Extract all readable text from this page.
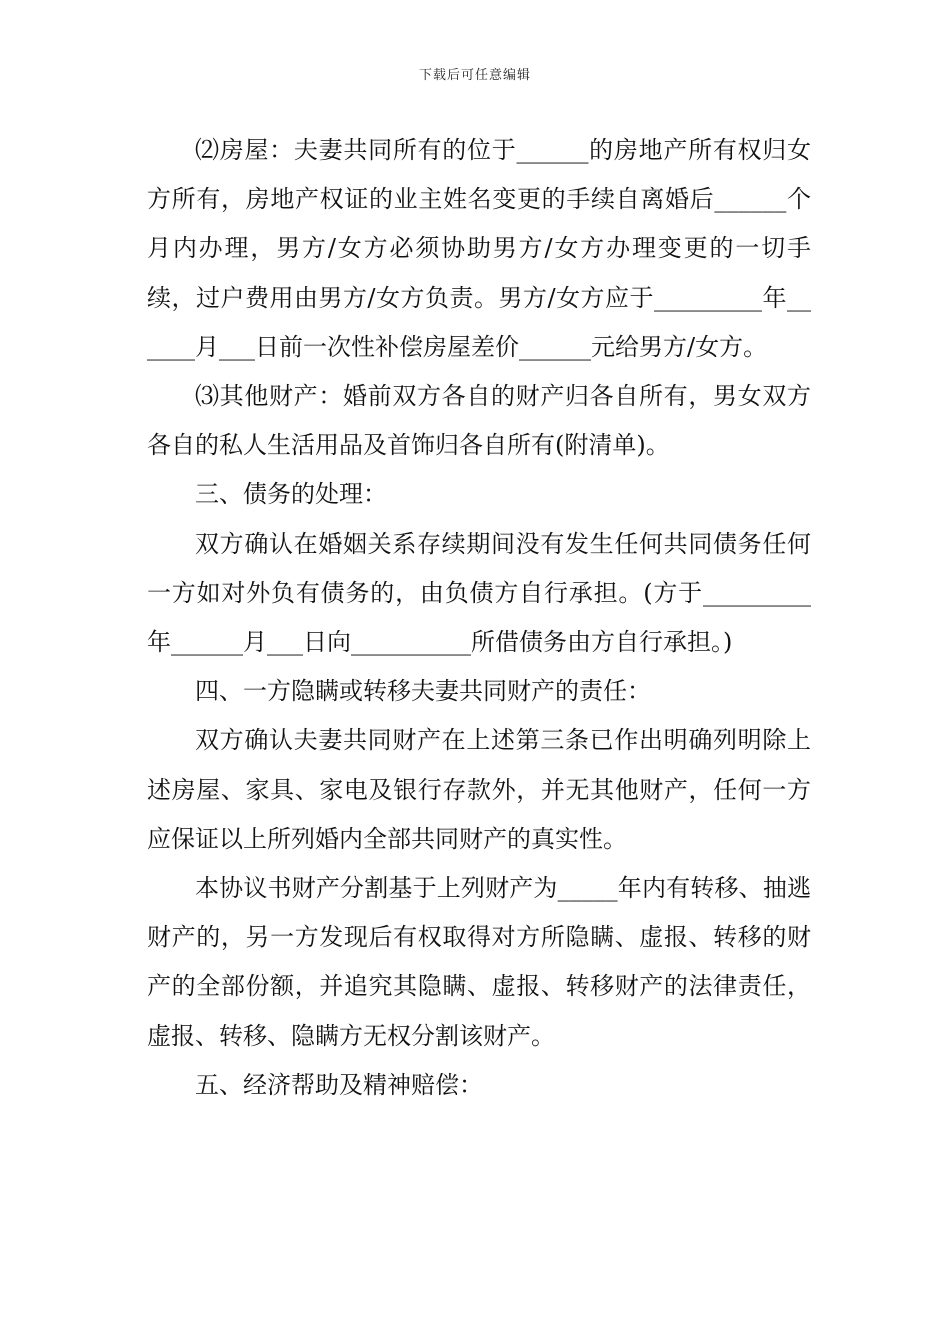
下载后可任意编辑

⑵房屋：夫妻共同所有的位于______的房地产所有权归女方所有，房地产权证的业主姓名变更的手续自离婚后______个月内办理，男方/女方必须协助男方/女方办理变更的一切手续，过户费用由男方/女方负责。男方/女方应于_________年______月___日前一次性补偿房屋差价______元给男方/女方。

⑶其他财产：婚前双方各自的财产归各自所有，男女双方各自的私人生活用品及首饰归各自所有(附清单)。

三、债务的处理：

双方确认在婚姻关系存续期间没有发生任何共同债务任何一方如对外负有债务的，由负债方自行承担。(方于_________年______月___日向__________所借债务由方自行承担。)

四、一方隐瞒或转移夫妻共同财产的责任：

双方确认夫妻共同财产在上述第三条已作出明确列明除上述房屋、家具、家电及银行存款外，并无其他财产，任何一方应保证以上所列婚内全部共同财产的真实性。

本协议书财产分割基于上列财产为_____年内有转移、抽逃财产的，另一方发现后有权取得对方所隐瞒、虚报、转移的财产的全部份额，并追究其隐瞒、虚报、转移财产的法律责任，虚报、转移、隐瞒方无权分割该财产。

五、经济帮助及精神赔偿：
